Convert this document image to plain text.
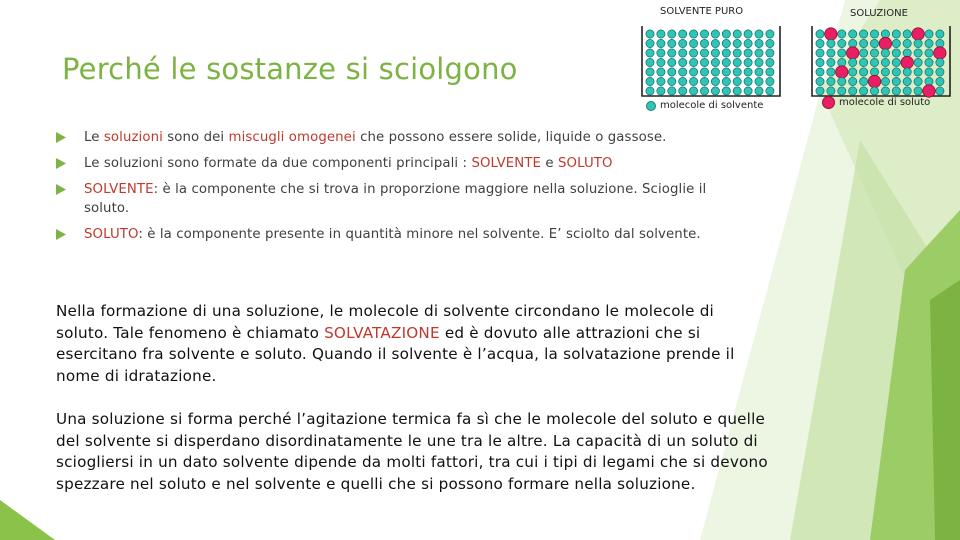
Perché le sostanze si sciolgono
SOLVENTE PURO
molecole di solvente
SOLUZIONE
molecole di soluto
Le soluzioni sono dei miscugli omogenei che possono essere solide, liquide o gassose.
Le soluzioni sono formate da due componenti principali : SOLVENTE e SOLUTO
SOLVENTE: è la componente che si trova in proporzione maggiore nella soluzione. Scioglie il soluto.
SOLUTO: è la componente presente in quantità minore nel solvente. E’ sciolto dal solvente.

Nella formazione di una soluzione, le molecole di solvente circondano le molecole di soluto. Tale fenomeno è chiamato SOLVATAZIONE ed è dovuto alle attrazioni che si esercitano fra solvente e soluto. Quando il solvente è l’acqua, la solvatazione prende il nome di idratazione.

Una soluzione si forma perché l’agitazione termica fa sì che le molecole del soluto e quelle del solvente si disperdano disordinatamente le une tra le altre. La capacità di un soluto di sciogliersi in un dato solvente dipende da molti fattori, tra cui i tipi di legami che si devono spezzare nel soluto e nel solvente e quelli che si possono formare nella soluzione.
